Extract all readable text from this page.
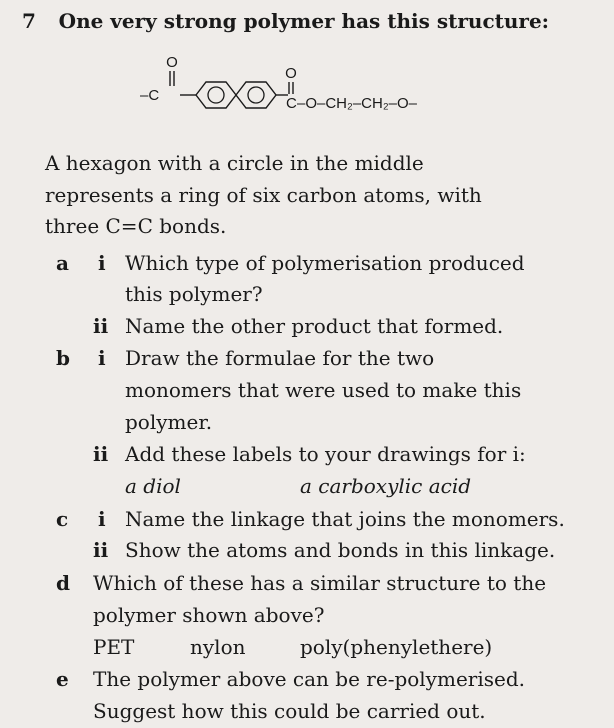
7 One very strong polymer has this structure:
O
–C
O
C –O–CH₂–CH₂–O–
A hexagon with a circle in the middle
represents a ring of six carbon atoms, with
three C=C bonds.
a i Which type of polymerisation produced
this polymer?
ii Name the other product that formed.
b i Draw the formulae for the two
monomers that were used to make this
polymer.
ii Add these labels to your drawings for i:
a diol	a carboxylic acid
c i Name the linkage that joins the monomers.
ii Show the atoms and bonds in this linkage.
d Which of these has a similar structure to the
polymer shown above?
PET	nylon	poly(phenylethere)
e The polymer above can be re-polymerised.
Suggest how this could be carried out.
